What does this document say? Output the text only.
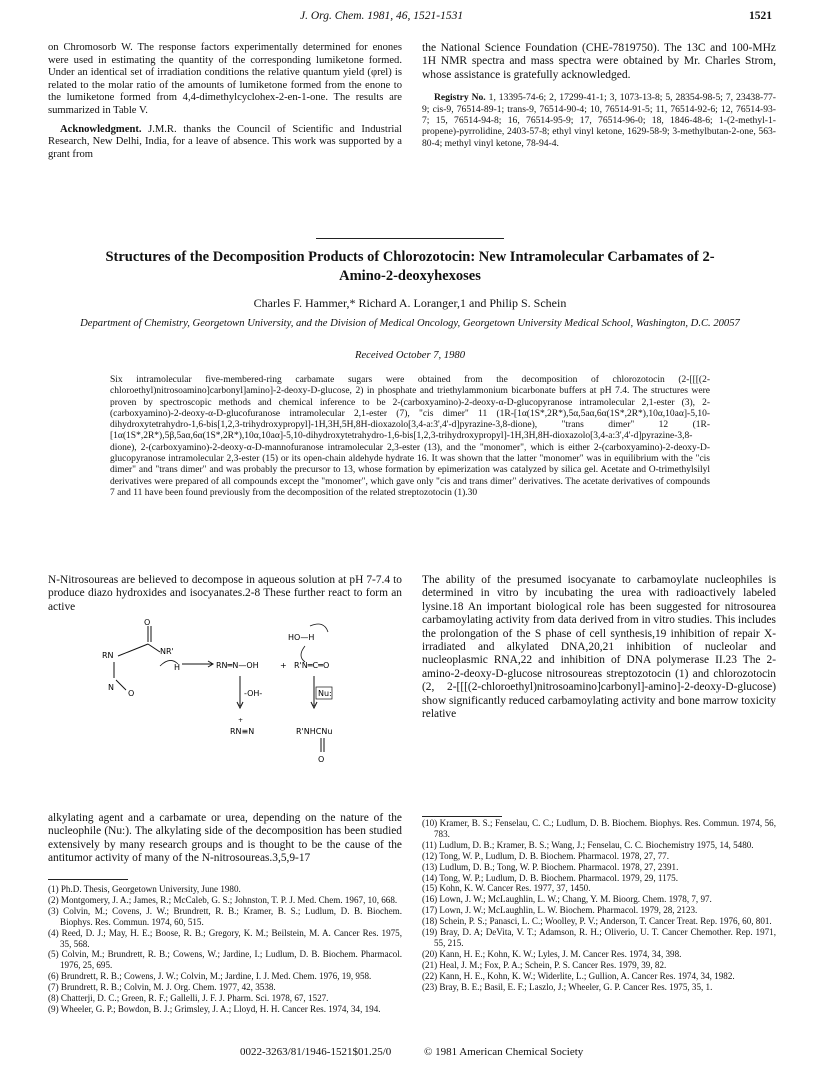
J. Org. Chem. 1981, 46, 1521-1531	1521

on Chromosorb W. The response factors experimentally determined for enones were used in estimating the quantity of the corresponding lumiketone formed. Under an identical set of irradiation conditions the relative quantum yield (φrel) is related to the molar ratio of the amounts of lumiketone formed from the enone to the lumiketone formed from 4,4-dimethylcyclohex-2-en-1-one. The results are summarized in Table V.

Acknowledgment. J.M.R. thanks the Council of Scientific and Industrial Research, New Delhi, India, for a leave of absence. This work was supported by a grant from

the National Science Foundation (CHE-7819750). The 13C and 100-MHz 1H NMR spectra and mass spectra were obtained by Mr. Charles Strom, whose assistance is gratefully acknowledged.

Registry No. 1, 13395-74-6; 2, 17299-41-1; 3, 1073-13-8; 5, 28354-98-5; 7, 23438-77-9; cis-9, 76514-89-1; trans-9, 76514-90-4; 10, 76514-91-5; 11, 76514-92-6; 12, 76514-93-7; 15, 76514-94-8; 16, 76514-95-9; 17, 76514-96-0; 18, 1846-48-6; 1-(2-methyl-1-propene)-pyrrolidine, 2403-57-8; ethyl vinyl ketone, 1629-58-9; 3-methylbutan-2-one, 563-80-4; methyl vinyl ketone, 78-94-4.

Structures of the Decomposition Products of Chlorozotocin: New Intramolecular Carbamates of 2-Amino-2-deoxyhexoses
Charles F. Hammer,* Richard A. Loranger,1 and Philip S. Schein
Department of Chemistry, Georgetown University, and the Division of Medical Oncology, Georgetown University Medical School, Washington, D.C. 20057
Received October 7, 1980
Six intramolecular five-membered-ring carbamate sugars were obtained from the decomposition of chlorozotocin (2-[[[(2-chloroethyl)nitrosoamino]carbonyl]amino]-2-deoxy-D-glucose, 2) in phosphate and triethylammonium bicarbonate buffers at pH 7.4. The structures were proven by spectroscopic methods and chemical inference to be 2-(carboxyamino)-2-deoxy-α-D-glucopyranose intramolecular 2,1-ester (3), 2-(carboxyamino)-2-deoxy-α-D-glucofuranose intramolecular 2,1-ester (7), "cis dimer" 11 (1R-[1α(1S*,2R*),5α,5aα,6α(1S*,2R*),10α,10aα]-5,10-dihydroxytetrahydro-1,6-bis[1,2,3-trihydroxypropyl]-1H,3H,5H,8H-dioxazolo[3,4-a:3',4'-d]pyrazine-3,8-dione), "trans dimer" 12 (1R-[1α(1S*,2R*),5β,5aα,6α(1S*,2R*),10α,10aα]-5,10-dihydroxytetrahydro-1,6-bis[1,2,3-trihydroxypropyl]-1H,3H,8H-dioxazolo[3,4-a:3',4'-d]pyrazine-3,8-dione), 2-(carboxyamino)-2-deoxy-α-D-mannofuranose intramolecular 2,3-ester (13), and the "monomer", which is either 2-(carboxyamino)-2-deoxy-D-glucopyranose intramolecular 2,3-ester (15) or its open-chain aldehyde hydrate 16. It was shown that the latter "monomer" was in equilibrium with the "cis dimer" and "trans dimer" and was probably the precursor to 13, whose formation by epimerization was catalyzed by silica gel. Acetate and O-trimethylsilyl derivatives were prepared of all compounds except the "monomer", which gave only "cis and trans dimer" derivatives. The acetate derivatives of compounds 7 and 11 have been found previously from the decomposition of the related streptozotocin (1).30

N-Nitrosoureas are believed to decompose in aqueous solution at pH 7-7.4 to produce diazo hydroxides and isocyanates.2-8 These further react to form an active

O
RN	NR'
N
O
H	RN═N—OH	+ R'N═C═O
HO—H
-OH-	Nu:
+
RN≡N	R'NHCNu
O

alkylating agent and a carbamate or urea, depending on the nature of the nucleophile (Nu:). The alkylating side of the decomposition has been studied extensively by many research groups and is thought to be the cause of the antitumor activity of many of the N-nitrosoureas.3,5,9-17

(1) Ph.D. Thesis, Georgetown University, June 1980.
(2) Montgomery, J. A.; James, R.; McCaleb, G. S.; Johnston, T. P. J. Med. Chem. 1967, 10, 668.
(3) Colvin, M.; Covens, J. W.; Brundrett, R. B.; Kramer, B. S.; Ludlum, D. B. Biochem. Biophys. Res. Commun. 1974, 60, 515.
(4) Reed, D. J.; May, H. E.; Boose, R. B.; Gregory, K. M.; Beilstein, M. A. Cancer Res. 1975, 35, 568.
(5) Colvin, M.; Brundrett, R. B.; Cowens, W.; Jardine, I.; Ludlum, D. B. Biochem. Pharmacol. 1976, 25, 695.
(6) Brundrett, R. B.; Cowens, J. W.; Colvin, M.; Jardine, I. J. Med. Chem. 1976, 19, 958.
(7) Brundrett, R. B.; Colvin, M. J. Org. Chem. 1977, 42, 3538.
(8) Chatterji, D. C.; Green, R. F.; Gallelli, J. F. J. Pharm. Sci. 1978, 67, 1527.
(9) Wheeler, G. P.; Bowdon, B. J.; Grimsley, J. A.; Lloyd, H. H. Cancer Res. 1974, 34, 194.

The ability of the presumed isocyanate to carbamoylate nucleophiles is determined in vitro by incubating the urea with radioactively labeled lysine.18 An important biological role has been suggested for nitrosourea carbamoylating activity from data derived from in vitro studies. This includes the prolongation of the S phase of cell synthesis,19 inhibition of repair X-irradiated and alkylated DNA,20,21 inhibition of nucleolar and nucleoplasmic RNA,22 and inhibition of DNA polymerase II.23 The 2-amino-2-deoxy-D-glucose nitrosoureas streptozotocin (1) and chlorozotocin (2, 2-[[[(2-chloroethyl)nitrosoamino]carbonyl]-amino]-2-deoxy-D-glucose) show significantly reduced carbamoylating activity and bone marrow toxicity relative

(10) Kramer, B. S.; Fenselau, C. C.; Ludlum, D. B. Biochem. Biophys. Res. Commun. 1974, 56, 783.
(11) Ludlum, D. B.; Kramer, B. S.; Wang, J.; Fenselau, C. C. Biochemistry 1975, 14, 5480.
(12) Tong, W. P., Ludlum, D. B. Biochem. Pharmacol. 1978, 27, 77.
(13) Ludlum, D. B.; Tong, W. P. Biochem. Pharmacol. 1978, 27, 2391.
(14) Tong, W. P.; Ludlum, D. B. Biochem. Pharmacol. 1979, 29, 1175.
(15) Kohn, K. W. Cancer Res. 1977, 37, 1450.
(16) Lown, J. W.; McLaughlin, L. W.; Chang, Y. M. Bioorg. Chem. 1978, 7, 97.
(17) Lown, J. W.; McLaughlin, L. W. Biochem. Pharmacol. 1979, 28, 2123.
(18) Schein, P. S.; Panasci, L. C.; Woolley, P. V.; Anderson, T. Cancer Treat. Rep. 1976, 60, 801.
(19) Bray, D. A; DeVita, V. T.; Adamson, R. H.; Oliverio, U. T. Cancer Chemother. Rep. 1971, 55, 215.
(20) Kann, H. E.; Kohn, K. W.; Lyles, J. M. Cancer Res. 1974, 34, 398.
(21) Heal, J. M.; Fox, P. A.; Schein, P. S. Cancer Res. 1979, 39, 82.
(22) Kann, H. E., Kohn, K. W.; Widerlite, L.; Gullion, A. Cancer Res. 1974, 34, 1982.
(23) Bray, B. E.; Basil, E. F.; Laszlo, J.; Wheeler, G. P. Cancer Res. 1975, 35, 1.
0022-3263/81/1946-1521$01.25/0	© 1981 American Chemical Society
